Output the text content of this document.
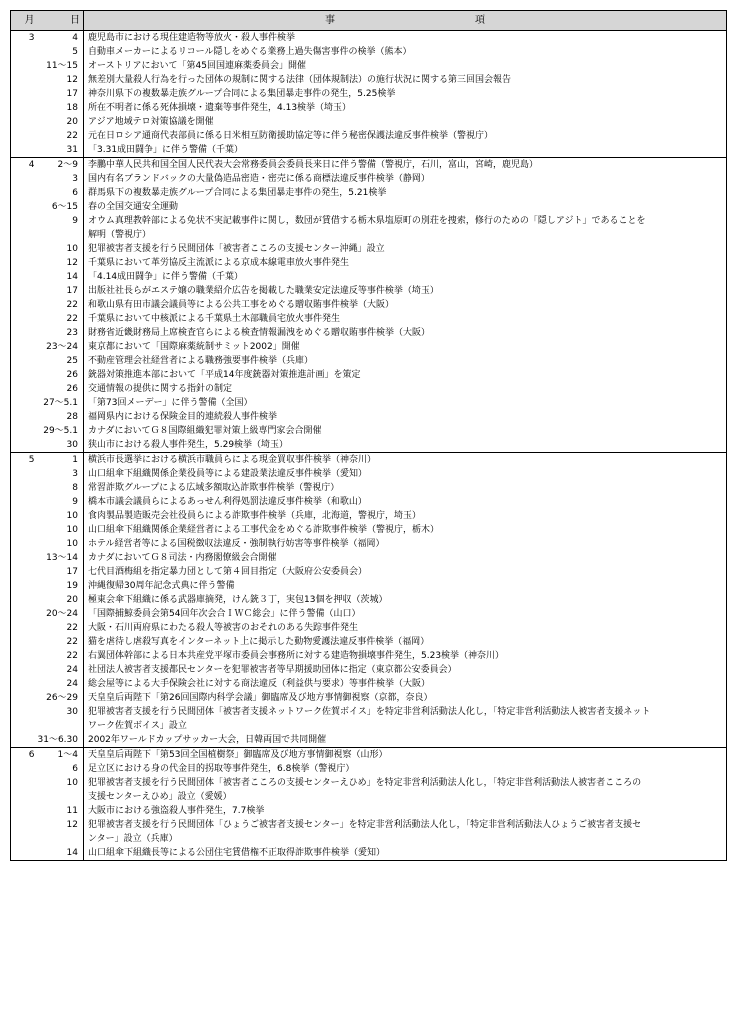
月	日	事 項
3	4	鹿児島市における現住建造物等放火・殺人事件検挙
	5	自動車メーカーによるリコール隠しをめぐる業務上過失傷害事件の検挙（熊本）
	11～15	オーストリアにおいて「第45回国連麻薬委員会」開催
	12	無差別大量殺人行為を行った団体の規制に関する法律（団体規制法）の施行状況に関する第三回国会報告
	17	神奈川県下の複数暴走族グループ合同による集団暴走事件の発生，5.25検挙
	18	所在不明者に係る死体損壊・遺棄等事件発生，4.13検挙（埼玉）
	20	アジア地域テロ対策協議を開催
	22	元在日ロシア通商代表部員に係る日米相互防衛援助協定等に伴う秘密保護法違反事件検挙（警視庁）
	31	「3.31成田闘争」に伴う警備（千葉）
4	2～9	李鵬中華人民共和国全国人民代表大会常務委員会委員長来日に伴う警備（警視庁，石川，富山，宮崎，鹿児島）
	3	国内有名ブランドバックの大量偽造品密造・密売に係る商標法違反事件検挙（静岡）
	6	群馬県下の複数暴走族グループ合同による集団暴走事件の発生，5.21検挙
	6～15	春の全国交通安全運動
	9	オウム真理教幹部による免状不実記載事件に関し，数団が賃借する栃木県塩原町の別荘を捜索，修行のための「隠しアジト」であることを
		解明（警視庁）
	10	犯罪被害者支援を行う民間団体「被害者こころの支援センター沖縄」設立
	12	千葉県において革労協反主流派による京成本線電車放火事件発生
	14	「4.14成田闘争」に伴う警備（千葉）
	17	出版社社長らがエステ嬢の職業紹介広告を掲載した職業安定法違反等事件検挙（埼玉）
	22	和歌山県有田市議会議員等による公共工事をめぐる贈収賄事件検挙（大阪）
	22	千葉県において中核派による千葉県土木部職員宅放火事件発生
	23	財務省近畿財務局上席検査官らによる検査情報漏洩をめぐる贈収賄事件検挙（大阪）
	23～24	東京都において「国際麻薬統制サミット2002」開催
	25	不動産管理会社経営者による職務強要事件検挙（兵庫）
	26	銃器対策推進本部において「平成14年度銃器対策推進計画」を策定
	26	交通情報の提供に関する指針の制定
	27～5.1	「第73回メーデー」に伴う警備（全国）
	28	福岡県内における保険金目的連続殺人事件検挙
	29～5.1	カナダにおいてＧ８国際組織犯罪対策上級専門家会合開催
	30	狭山市における殺人事件発生，5.29検挙（埼玉）
5	1	横浜市長選挙における横浜市職員らによる現金買収事件検挙（神奈川）
	3	山口組傘下組織関係企業役員等による建設業法違反事件検挙（愛知）
	8	常習詐欺グループによる広域多額取込詐欺事件検挙（警視庁）
	9	橋本市議会議員らによるあっせん利得処罰法違反事件検挙（和歌山）
	10	食肉製品製造販売会社役員らによる詐欺事件検挙（兵庫，北海道，警視庁，埼玉）
	10	山口組傘下組織関係企業経営者による工事代金をめぐる詐欺事件検挙（警視庁，栃木）
	10	ホテル経営者等による国税徴収法違反・強制執行妨害等事件検挙（福岡）
	13～14	カナダにおいてＧ８司法・内務閣僚級会合開催
	17	七代目酒梅組を指定暴力団として第４回目指定（大阪府公安委員会）
	19	沖縄復帰30周年記念式典に伴う警備
	20	極東会傘下組織に係る武器庫摘発，けん銃３丁，実包13個を押収（茨城）
	20～24	「国際捕鯨委員会第54回年次会合ＩＷＣ総会」に伴う警備（山口）
	22	大阪・石川両府県にわたる殺人等被害のおそれのある失踪事件発生
	22	猫を虐待し虐殺写真をインターネット上に掲示した動物愛護法違反事件検挙（福岡）
	22	右翼団体幹部による日本共産党平塚市委員会事務所に対する建造物損壊事件発生，5.23検挙（神奈川）
	24	社団法人被害者支援都民センターを犯罪被害者等早期援助団体に指定（東京都公安委員会）
	24	総会屋等による大手保険会社に対する商法違反（利益供与要求）等事件検挙（大阪）
	26～29	天皇皇后両陛下「第26回国際内科学会議」御臨席及び地方事情御視察（京都，奈良）
	30	犯罪被害者支援を行う民間団体「被害者支援ネットワーク佐賀ボイス」を特定非営利活動法人化し，「特定非営利活動法人被害者支援ネット
		ワーク佐賀ボイス」設立
	31～6.30	2002年ワールドカップサッカー大会，日韓両国で共同開催
6	1～4	天皇皇后両陛下「第53回全国植樹祭」御臨席及び地方事情御視察（山形）
	6	足立区における身の代金目的拐取等事件発生，6.8検挙（警視庁）
	10	犯罪被害者支援を行う民間団体「被害者こころの支援センターえひめ」を特定非営利活動法人化し，「特定非営利活動法人被害者こころの
		支援センターえひめ」設立（愛媛）
	11	大阪市における強盗殺人事件発生，7.7検挙
	12	犯罪被害者支援を行う民間団体「ひょうご被害者支援センター」を特定非営利活動法人化し，「特定非営利活動法人ひょうご被害者支援セ
		ンター」設立（兵庫）
	14	山口組傘下組織長等による公団住宅賃借権不正取得詐欺事件検挙（愛知）
